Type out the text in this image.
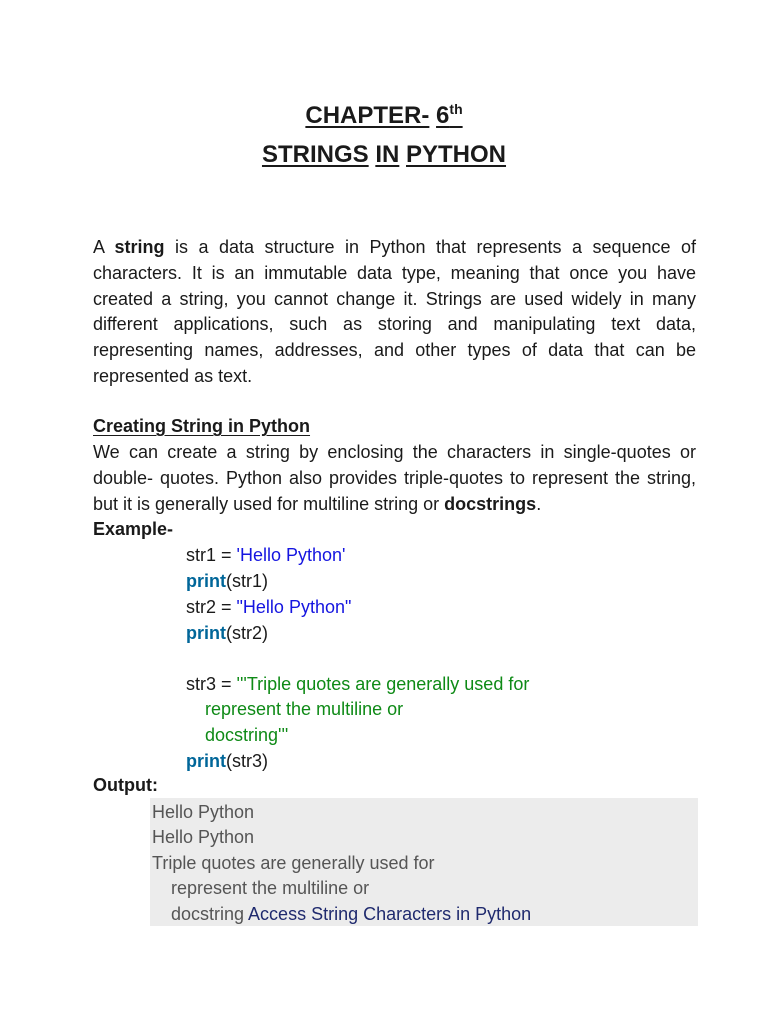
CHAPTER- 6th
STRINGS IN PYTHON

A string is a data structure in Python that represents a sequence of characters. It is an immutable data type, meaning that once you have created a string, you cannot change it. Strings are used widely in many different applications, such as storing and manipulating text data, representing names, addresses, and other types of data that can be represented as text.

Creating String in Python

We can create a string by enclosing the characters in single-quotes or double- quotes. Python also provides triple-quotes to represent the string, but it is generally used for multiline string or docstrings.

Example-
str1 = 'Hello Python'
print(str1)
str2 = "Hello Python"
print(str2)
str3 = '''Triple quotes are generally used for
represent the multiline or
docstring'''
print(str3)
Output:
Hello Python
Hello Python
Triple quotes are generally used for
represent the multiline or
docstring Access String Characters in Python
